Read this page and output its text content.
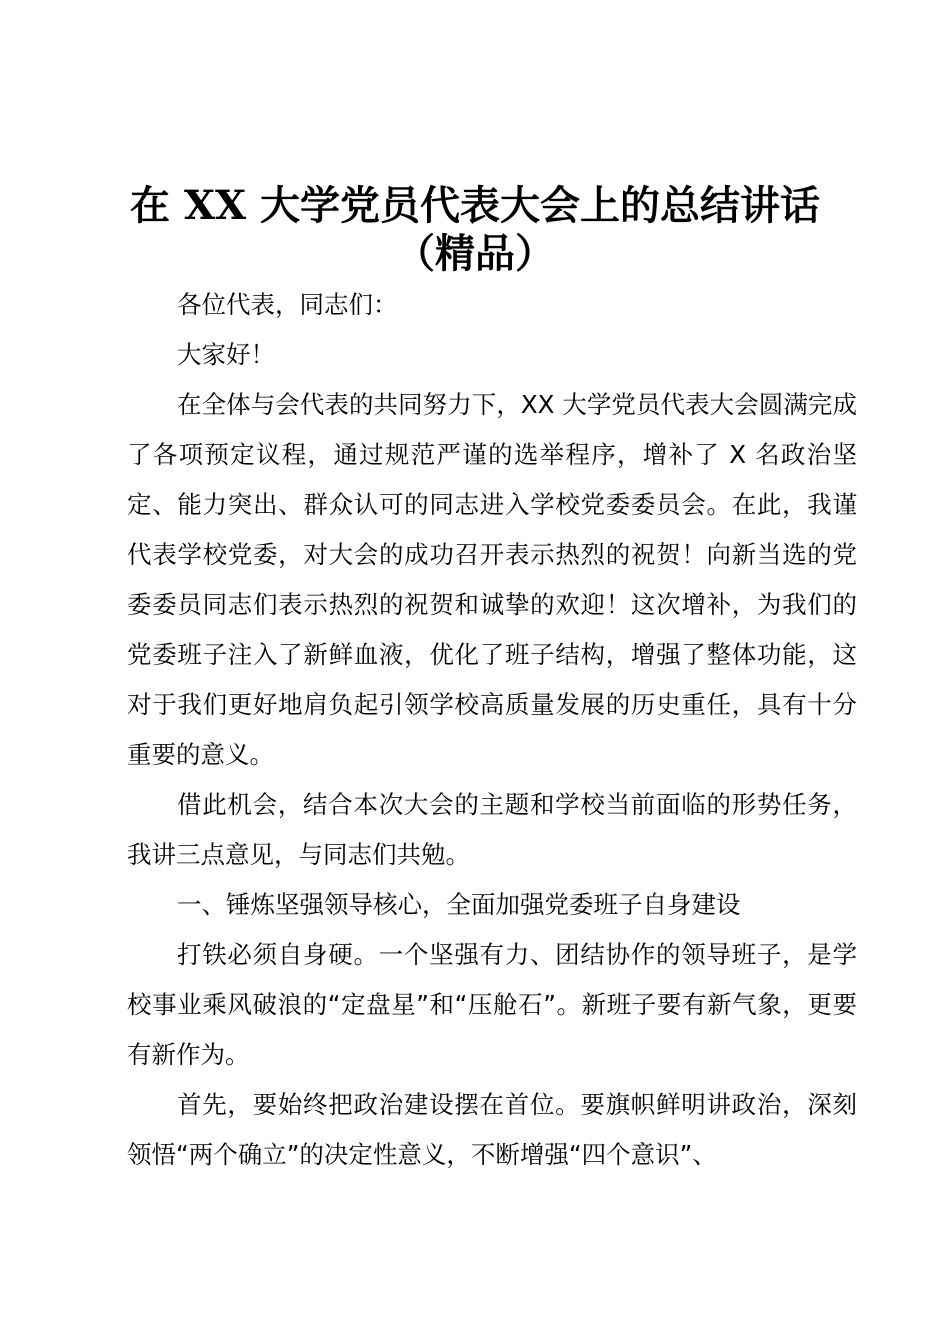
在 XX 大学党员代表大会上的总结讲话
（精品）

各位代表，同志们：

大家好！

在全体与会代表的共同努力下，XX 大学党员代表大会圆满完成了各项预定议程，通过规范严谨的选举程序，增补了 X 名政治坚定、能力突出、群众认可的同志进入学校党委委员会。在此，我谨代表学校党委，对大会的成功召开表示热烈的祝贺！向新当选的党委委员同志们表示热烈的祝贺和诚挚的欢迎！这次增补，为我们的党委班子注入了新鲜血液，优化了班子结构，增强了整体功能，这对于我们更好地肩负起引领学校高质量发展的历史重任，具有十分重要的意义。

借此机会，结合本次大会的主题和学校当前面临的形势任务，我讲三点意见，与同志们共勉。

一、锤炼坚强领导核心，全面加强党委班子自身建设

打铁必须自身硬。一个坚强有力、团结协作的领导班子，是学校事业乘风破浪的“定盘星”和“压舱石”。新班子要有新气象，更要有新作为。

首先，要始终把政治建设摆在首位。要旗帜鲜明讲政治，深刻领悟“两个确立”的决定性意义，不断增强“四个意识”、
